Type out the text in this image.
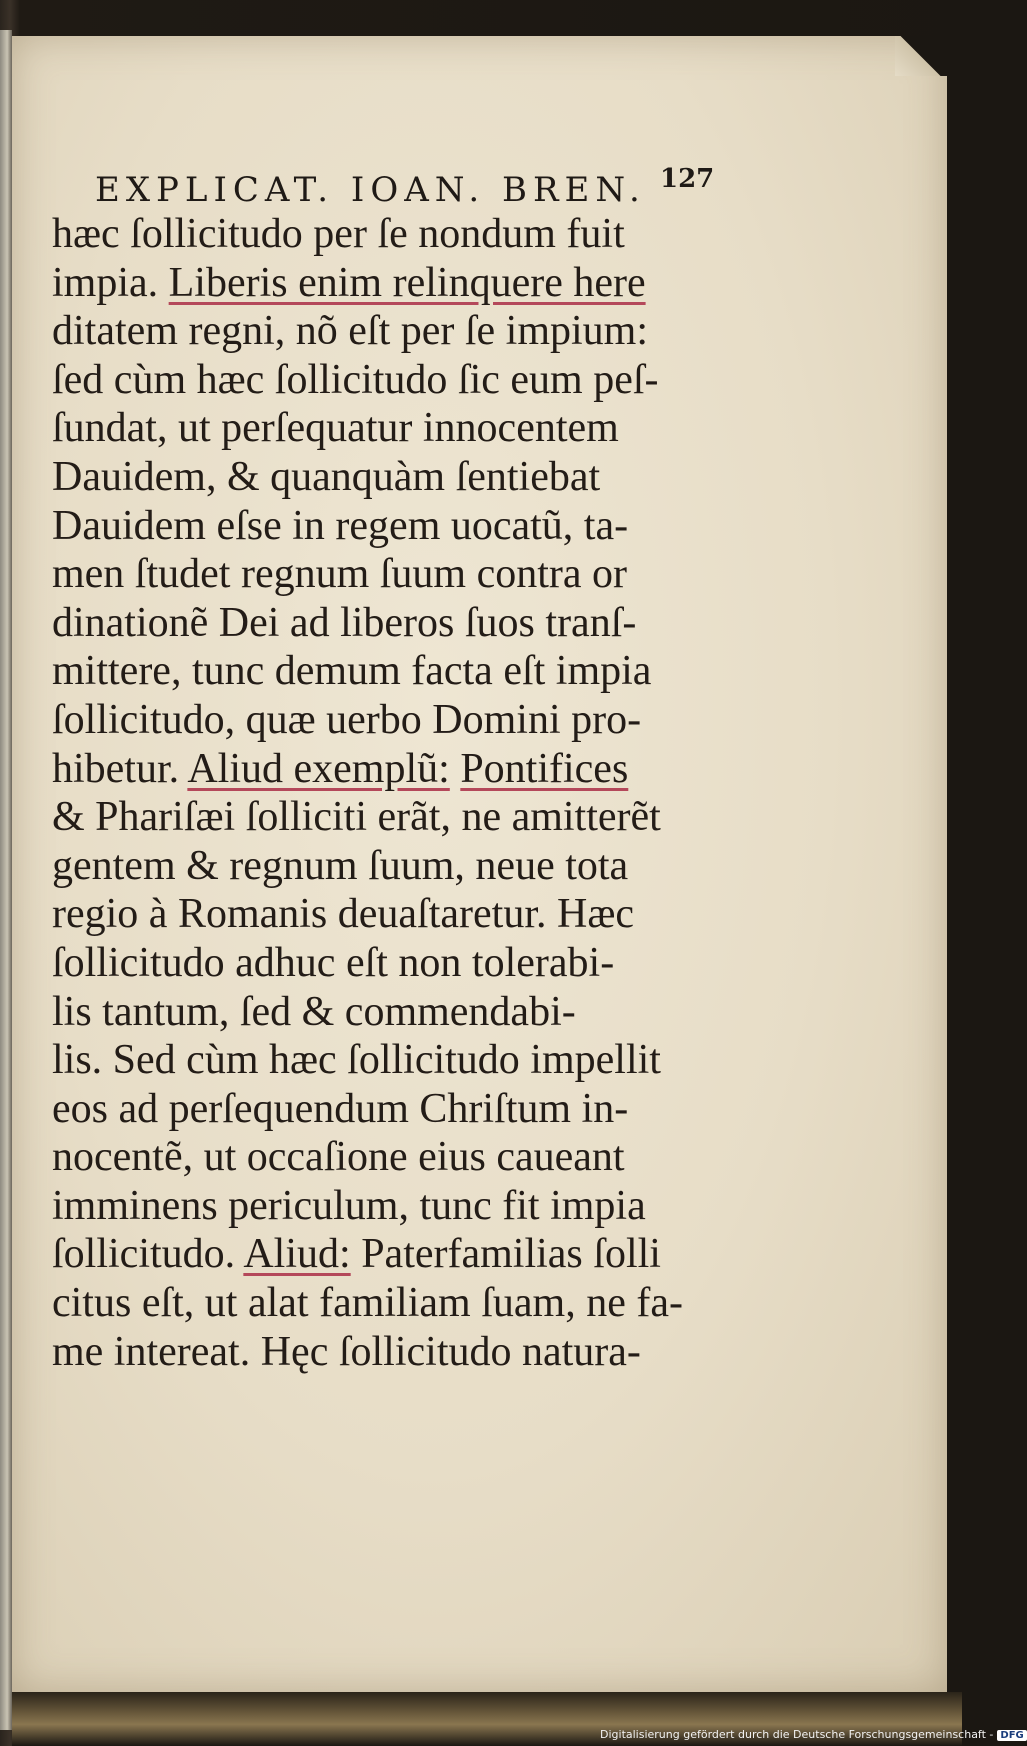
EXPLICAT. IOAN. BREN. 127
hæc ſollicitudo per ſe nondum fuit
impia. Liberis enim relinquere here
ditatem regni, nõ eſt per ſe impium:
ſed cùm hæc ſollicitudo ſic eum peſ-
ſundat, ut perſequatur innocentem
Dauidem, & quanquàm ſentiebat
Dauidem eſse in regem uocatũ, ta-
men ſtudet regnum ſuum contra or
dinationẽ Dei ad liberos ſuos tranſ-
mittere, tunc demum facta eſt impia
ſollicitudo, quæ uerbo Domini pro-
hibetur. Aliud exemplũ: Pontifices
& Phariſæi ſolliciti erãt, ne amitterẽt
gentem & regnum ſuum, neue tota
regio à Romanis deuaſtaretur. Hæc
ſollicitudo adhuc eſt non tolerabi-
lis tantum, ſed & commendabi-
lis. Sed cùm hæc ſollicitudo impellit
eos ad perſequendum Chriſtum in-
nocentẽ, ut occaſione eius caueant
imminens periculum, tunc fit impia
ſollicitudo. Aliud: Paterfamilias ſolli
citus eſt, ut alat familiam ſuam, ne fa-
me intereat. Hęc ſollicitudo natura-
Digitalisierung gefördert durch die Deutsche Forschungsgemeinschaft - DFG
